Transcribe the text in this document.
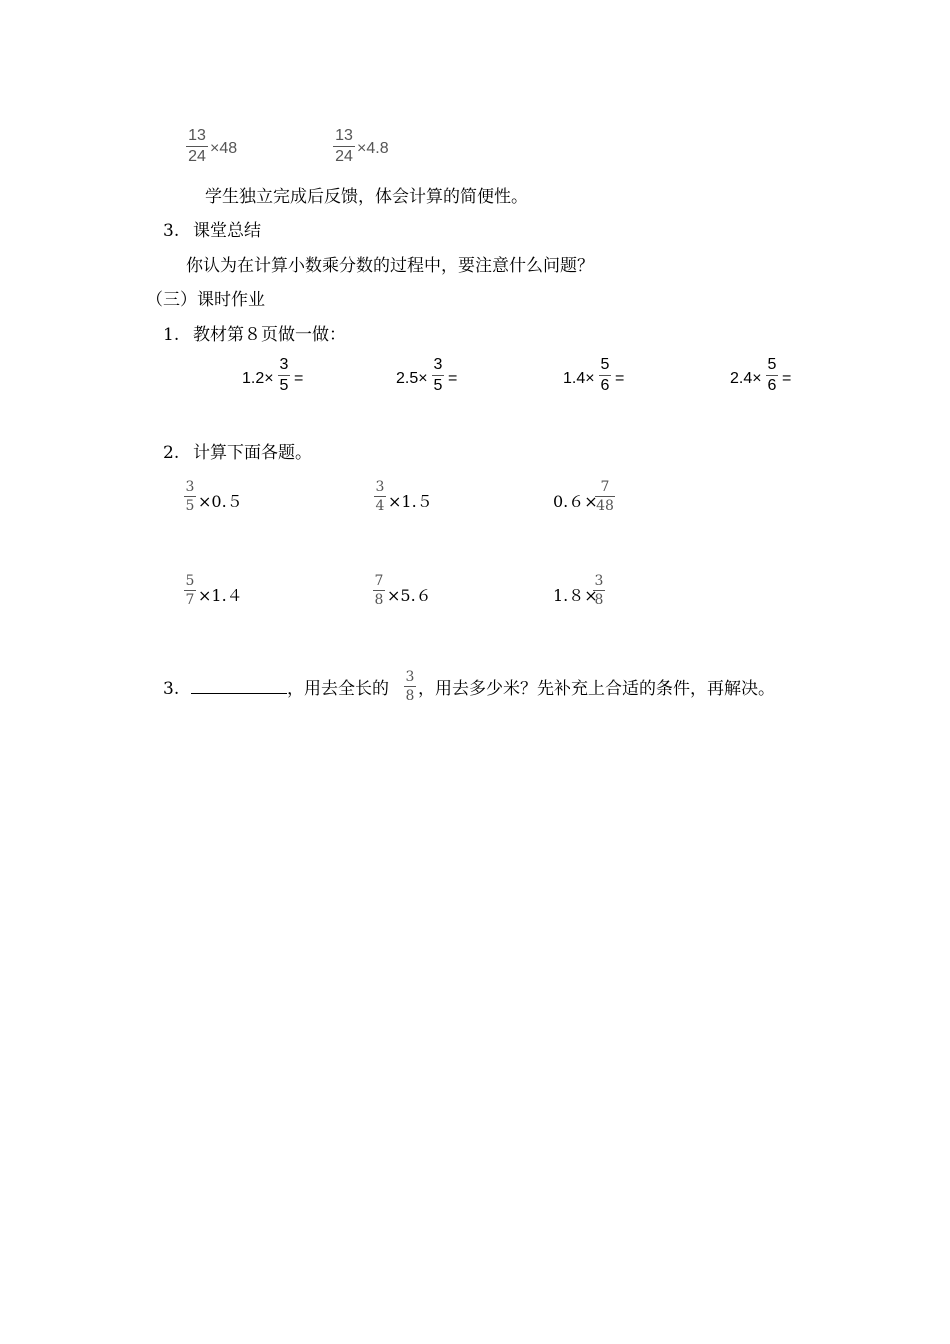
13
24 ×48
13
24 ×4.8
学生独立完成后反馈，体会计算的简便性。
3. 课堂总结
你认为在计算小数乘分数的过程中，要注意什么问题？
（三）课时作业
1. 教材第８页做一做：
1.2×
3
5 =	2.5×
3
5 =	1.4×
5
6 =	2.4×
5
6 =
2. 计算下面各题。
3
5 ×0.５
3
4 ×1.５	0.６×
7
48
5
7 ×1.４
7
8 ×5.６	1.８×
3
8
3.	，用去全长的
3
8 ，用去多少米？先补充上合适的条件，再解决。
